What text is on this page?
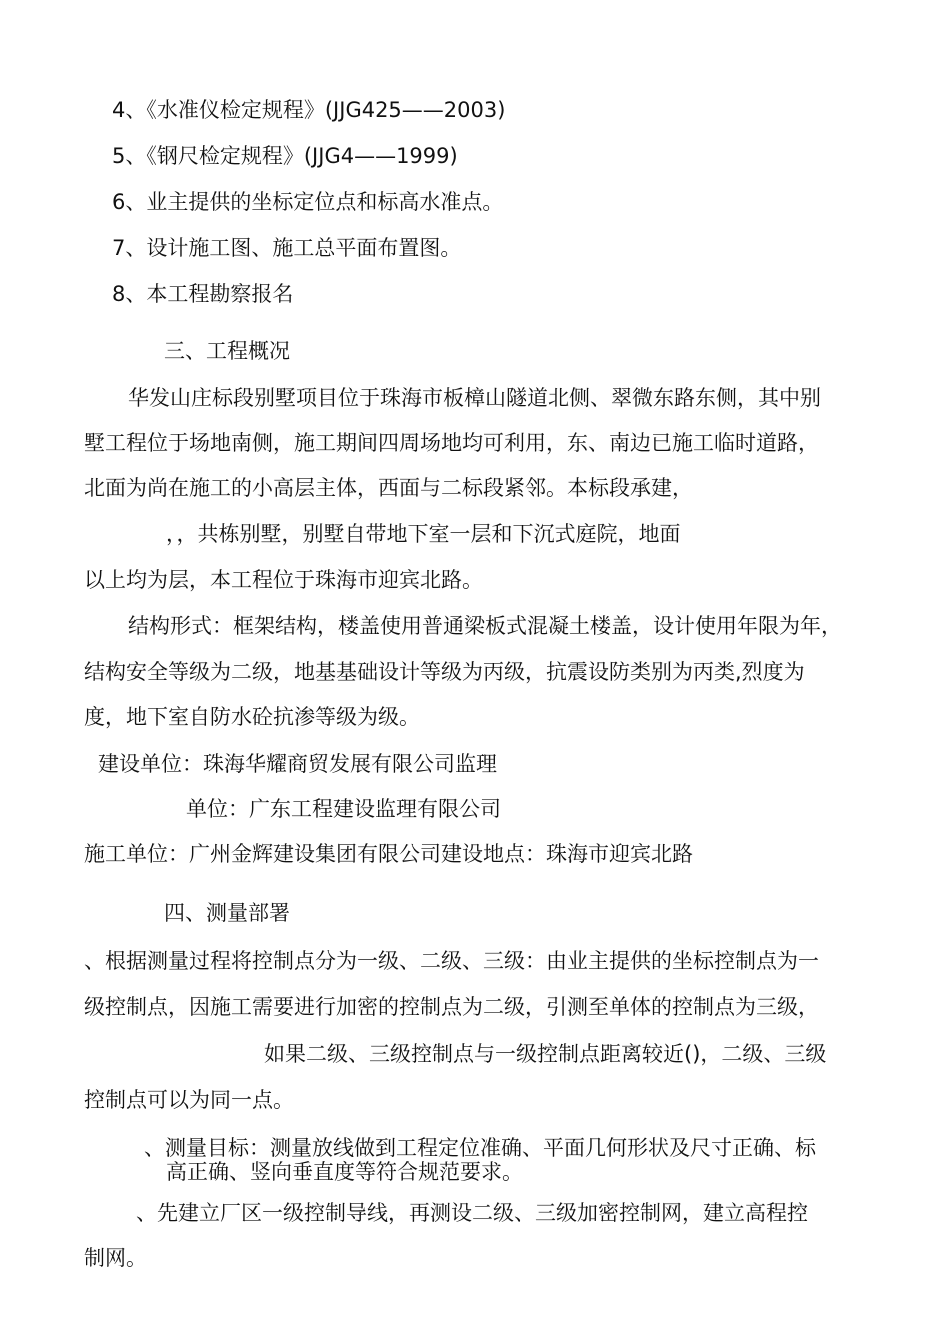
4、《水准仪检定规程》(JJG425——2003)
5、《钢尺检定规程》(JJG4——1999)
6、业主提供的坐标定位点和标高水准点。
7、设计施工图、施工总平面布置图。
8、本工程勘察报名
三、工程概况
华发山庄标段别墅项目位于珠海市板樟山隧道北侧、翠微东路东侧，其中别
墅工程位于场地南侧，施工期间四周场地均可利用，东、南边已施工临时道路，
北面为尚在施工的小高层主体，西面与二标段紧邻。本标段承建，
，，共栋别墅，别墅自带地下室一层和下沉式庭院，地面
以上均为层，本工程位于珠海市迎宾北路。
结构形式：框架结构，楼盖使用普通梁板式混凝土楼盖，设计使用年限为年，
结构安全等级为二级，地基基础设计等级为丙级，抗震设防类别为丙类,烈度为
度，地下室自防水砼抗渗等级为级。
建设单位：珠海华耀商贸发展有限公司监理
单位：广东工程建设监理有限公司
施工单位：广州金辉建设集团有限公司建设地点：珠海市迎宾北路
四、测量部署
、根据测量过程将控制点分为一级、二级、三级：由业主提供的坐标控制点为一
级控制点，因施工需要进行加密的控制点为二级，引测至单体的控制点为三级，
如果二级、三级控制点与一级控制点距离较近()，二级、三级
控制点可以为同一点。
、测量目标：测量放线做到工程定位准确、平面几何形状及尺寸正确、标
高正确、竖向垂直度等符合规范要求。
、先建立厂区一级控制导线，再测设二级、三级加密控制网，建立高程控
制网。
